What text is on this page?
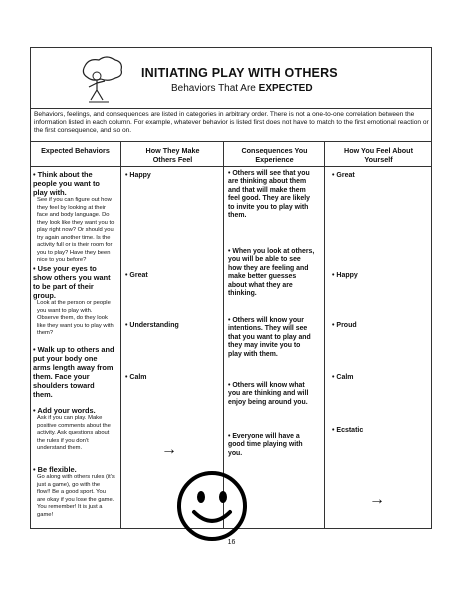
INITIATING PLAY WITH OTHERS
Behaviors That Are EXPECTED
Behaviors, feelings, and consequences are listed in categories in arbitrary order. There is not a one-to-one correlation between the information listed in each column. For example, whatever behavior is listed first does not have to match to the first emotional reaction or the first consequence, and so on.
Expected Behaviors	How They Make Others Feel
Consequences You Experience
How You Feel About Yourself
• Think about the people you want to play with.
See if you can figure out how they feel by looking at their face and body language. Do they look like they want you to play right now? Or should you try again another time. Is the activity full or is their room for you to play? Have they been nice to you before?
• Use your eyes to show others you want to be part of their group.
Look at the person or people you want to play with. Observe them, do they look like they want you to play with them?
• Walk up to others and put your body one arms length away from them. Face your shoulders toward them.
• Add your words.
Ask if you can play. Make positive comments about the activity. Ask questions about the rules if you don't understand them.
• Be flexible.
Go along with others rules (it's just a game), go with the flow!! Be a good sport. You are okay if you lose the game. You remember! It is just a game!
• Happy
• Great
• Understanding
• Calm
→
• Others will see that you are thinking about them and that will make them feel good. They are likely to invite you to play with them.
• When you look at others, you will be able to see how they are feeling and make better guesses about what they are thinking.
• Others will know your intentions. They will see that you want to play and they may invite you to play with them.
• Others will know what you are thinking and will enjoy being around you.
• Everyone will have a good time playing with you.
• Great
• Happy
• Proud
• Calm
• Ecstatic
→
16
